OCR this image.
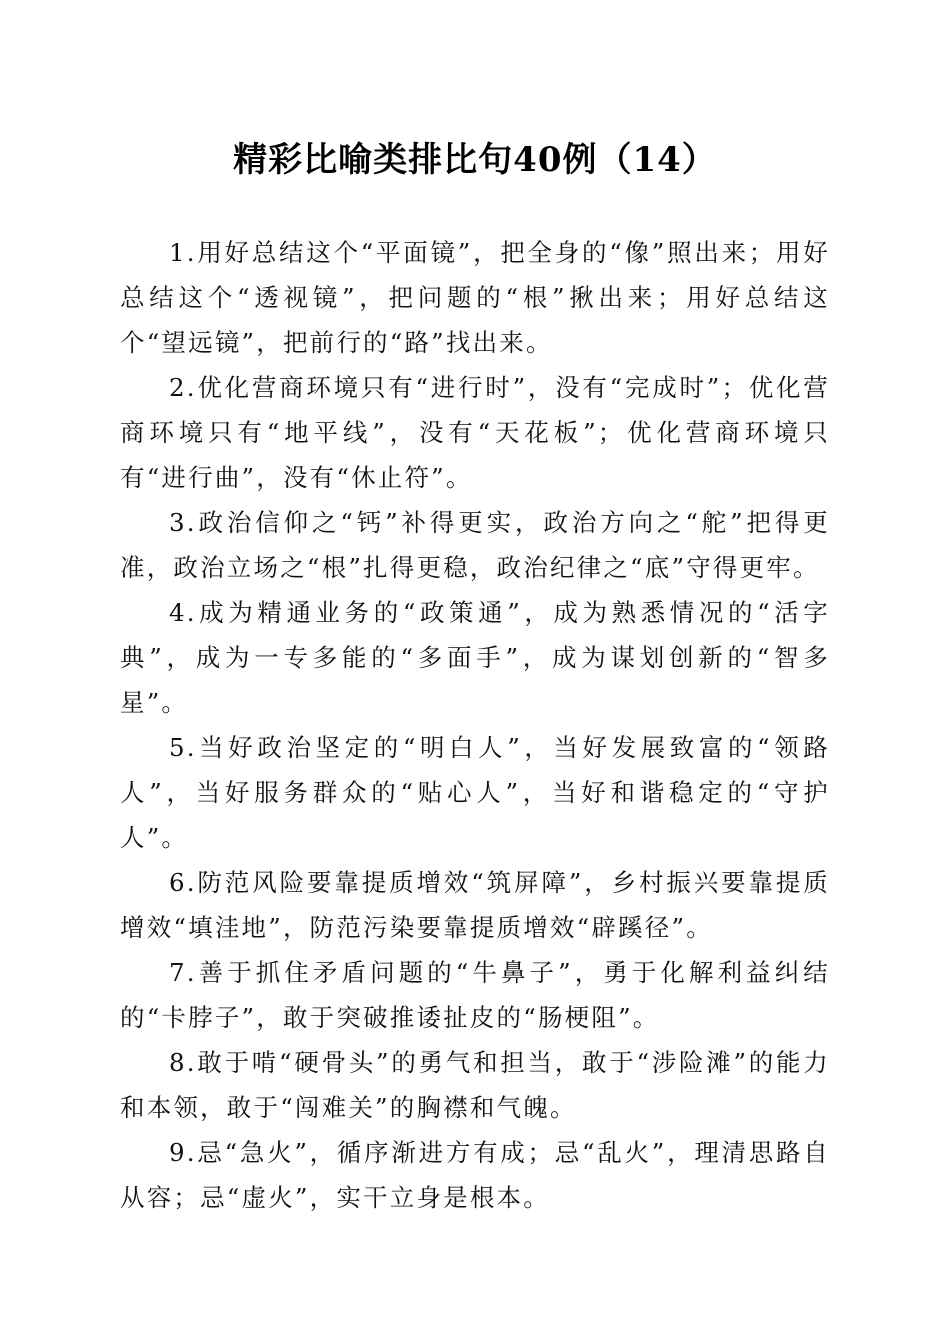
精彩比喻类排比句40例（14）

1.用好总结这个“平面镜”，把全身的“像”照出来；用好总结这个“透视镜”，把问题的“根”揪出来；用好总结这个“望远镜”，把前行的“路”找出来。

2.优化营商环境只有“进行时”，没有“完成时”；优化营商环境只有“地平线”，没有“天花板”；优化营商环境只有“进行曲”，没有“休止符”。

3.政治信仰之“钙”补得更实，政治方向之“舵”把得更准，政治立场之“根”扎得更稳，政治纪律之“底”守得更牢。

4.成为精通业务的“政策通”，成为熟悉情况的“活字典”，成为一专多能的“多面手”，成为谋划创新的“智多星”。

5.当好政治坚定的“明白人”，当好发展致富的“领路人”，当好服务群众的“贴心人”，当好和谐稳定的“守护人”。

6.防范风险要靠提质增效“筑屏障”，乡村振兴要靠提质增效“填洼地”，防范污染要靠提质增效“辟蹊径”。

7.善于抓住矛盾问题的“牛鼻子”，勇于化解利益纠结的“卡脖子”，敢于突破推诿扯皮的“肠梗阻”。

8.敢于啃“硬骨头”的勇气和担当，敢于“涉险滩”的能力和本领，敢于“闯难关”的胸襟和气魄。

9.忌“急火”，循序渐进方有成；忌“乱火”，理清思路自从容；忌“虚火”，实干立身是根本。
